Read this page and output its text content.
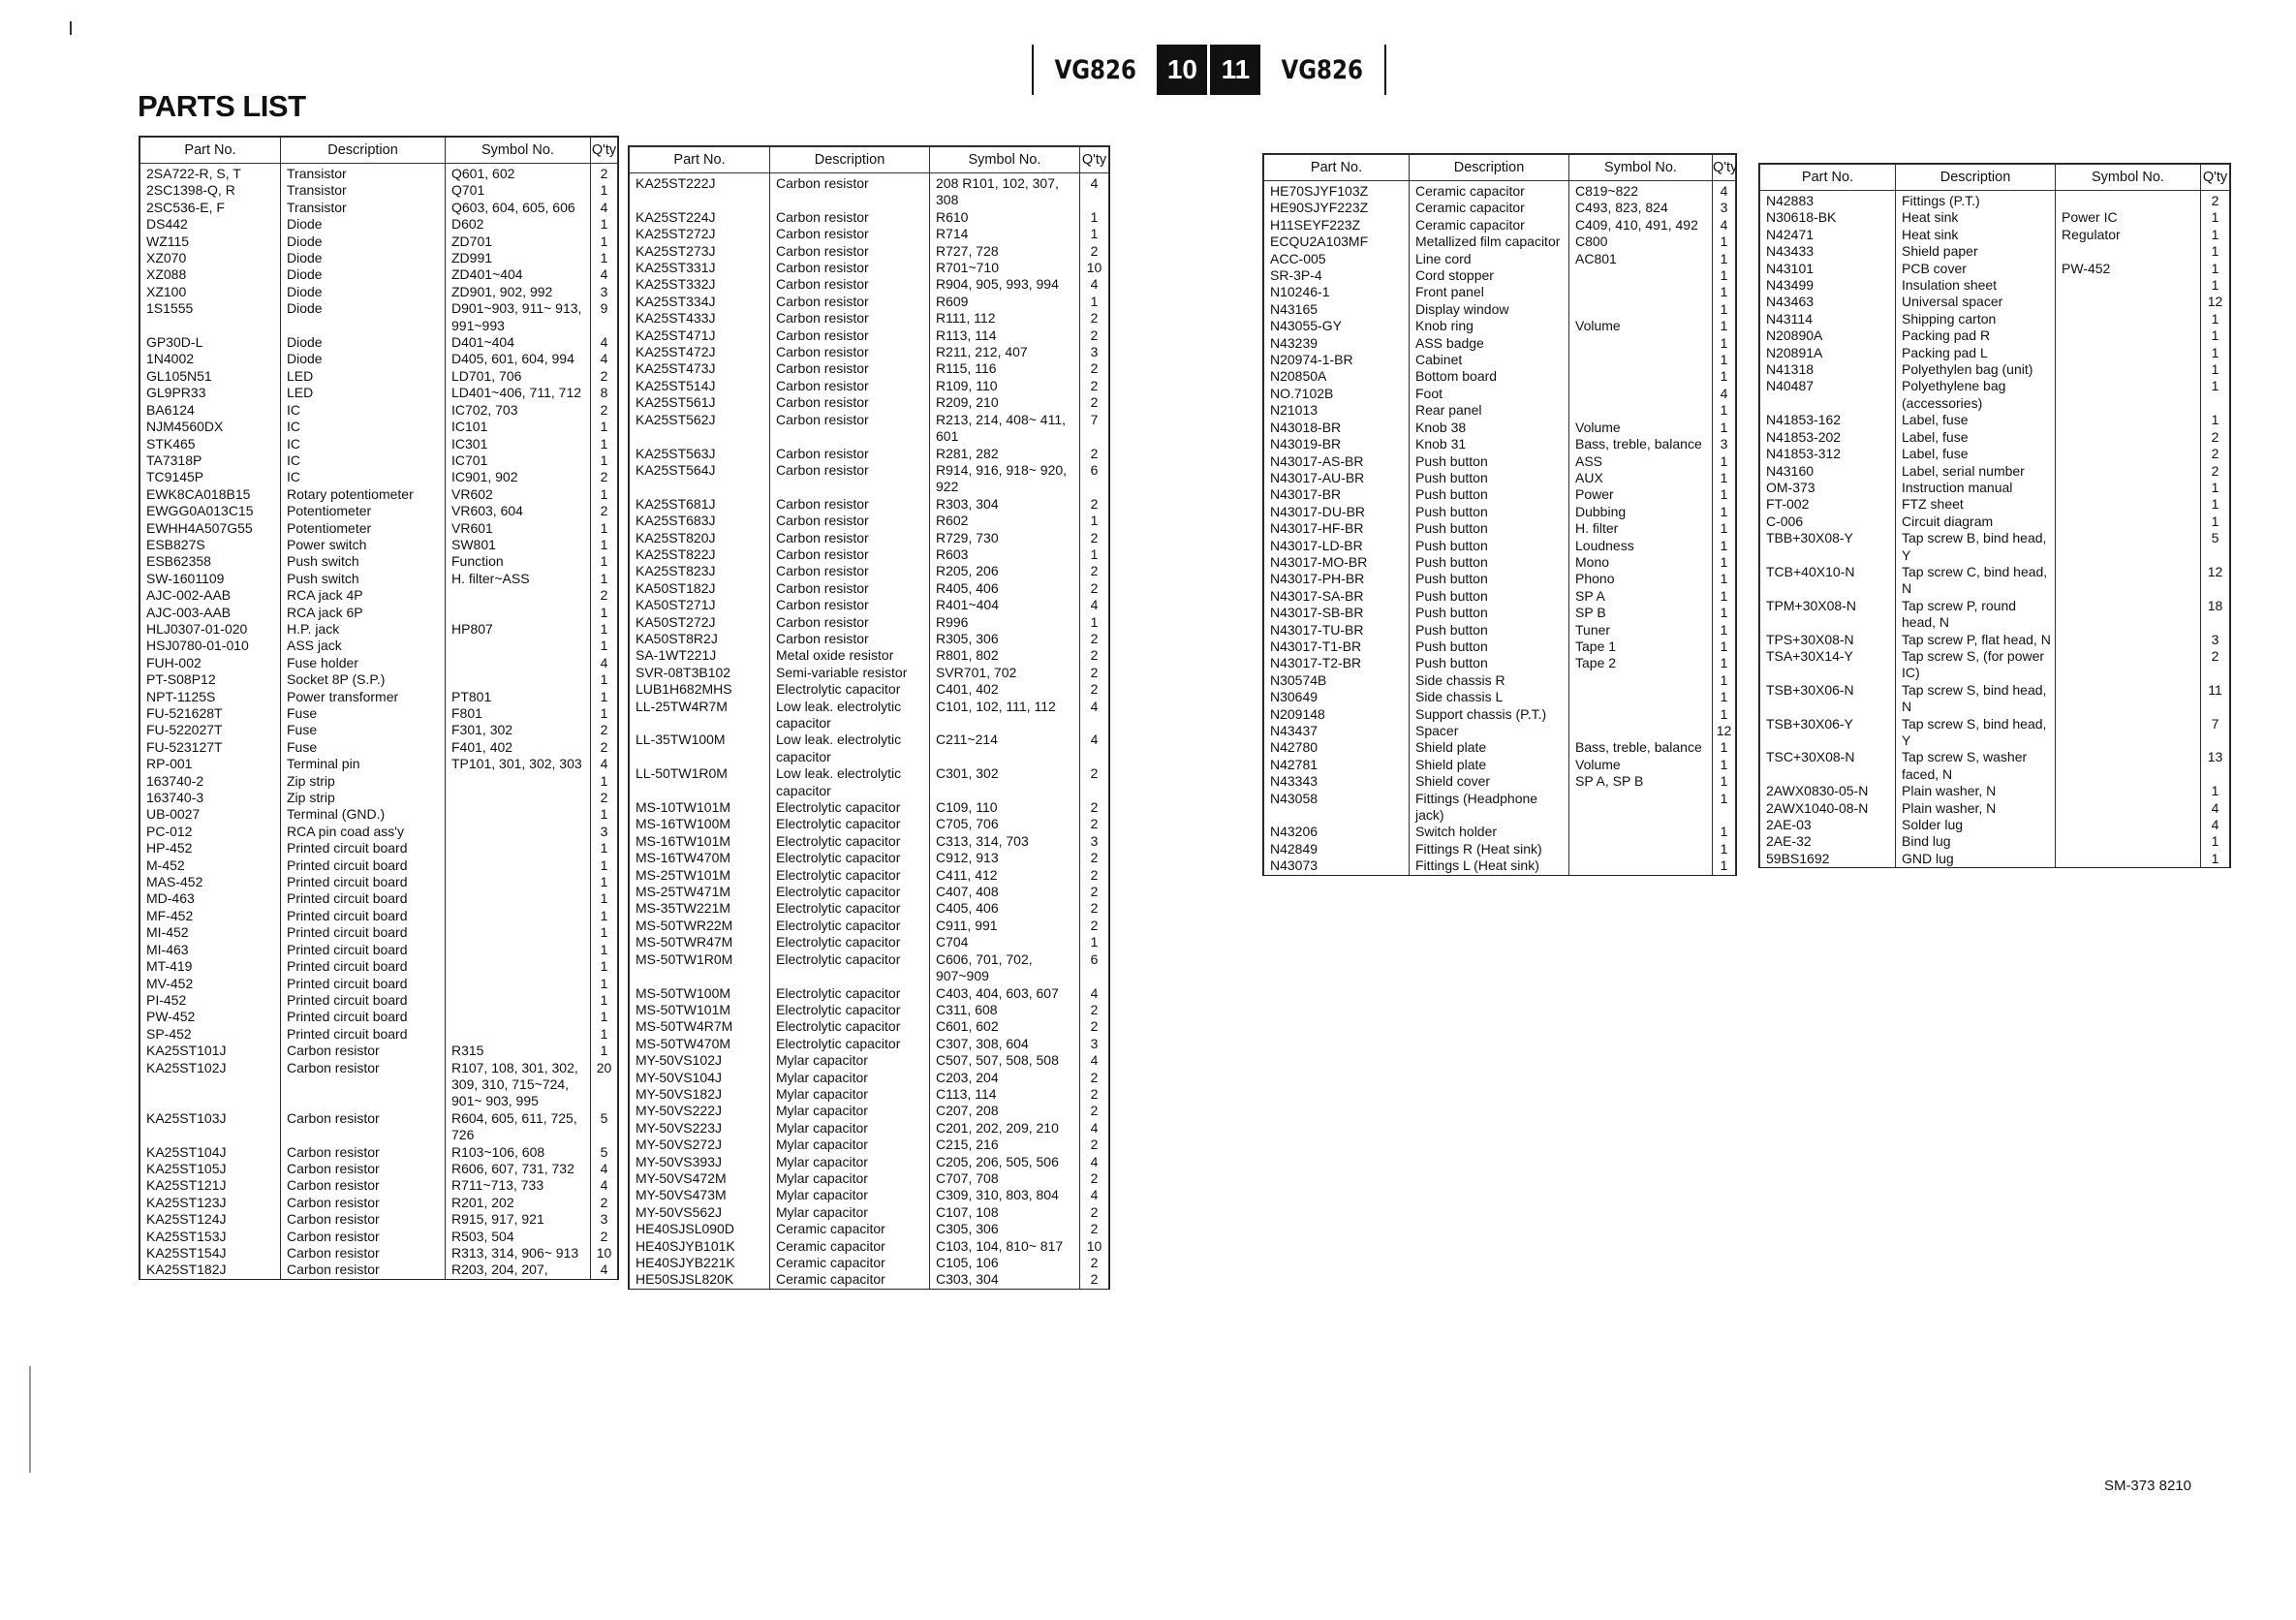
VG826	10 11	VG826
PARTS LIST
Part No.	Description	Symbol No.	Q'ty
2SA722-R, S, T	Transistor	Q601, 602	2
2SC1398-Q, R	Transistor	Q701	1
2SC536-E, F	Transistor	Q603, 604, 605, 606	4
DS442	Diode	D602	1
WZ115	Diode	ZD701	1
XZ070	Diode	ZD991	1
XZ088	Diode	ZD401~404	4
XZ100	Diode	ZD901, 902, 992	3
1S1555	Diode	D901~903, 911~ 913, 991~993	9
GP30D-L	Diode	D401~404	4
1N4002	Diode	D405, 601, 604, 994	4
GL105N51	LED	LD701, 706	2
GL9PR33	LED	LD401~406, 711, 712	8
BA6124	IC	IC702, 703	2
NJM4560DX	IC	IC101	1
STK465	IC	IC301	1
TA7318P	IC	IC701	1
TC9145P	IC	IC901, 902	2
EWK8CA018B15	Rotary potentiometer	VR602	1
EWGG0A013C15	Potentiometer	VR603, 604	2
EWHH4A507G55	Potentiometer	VR601	1
ESB827S	Power switch	SW801	1
ESB62358	Push switch	Function	1
SW-1601109	Push switch	H. filter~ASS	1
AJC-002-AAB	RCA jack 4P		2
AJC-003-AAB	RCA jack 6P		1
HLJ0307-01-020	H.P. jack	HP807	1
HSJ0780-01-010	ASS jack		1
FUH-002	Fuse holder		4
PT-S08P12	Socket 8P (S.P.)		1
NPT-1125S	Power transformer	PT801	1
FU-521628T	Fuse	F801	1
FU-522027T	Fuse	F301, 302	2
FU-523127T	Fuse	F401, 402	2
RP-001	Terminal pin	TP101, 301, 302, 303	4

163740-2	Zip strip		1
163740-3	Zip strip		2
UB-0027	Terminal (GND.)		1
PC-012	RCA pin coad ass'y		3
HP-452	Printed circuit board		1
M-452	Printed circuit board		1
MAS-452	Printed circuit board		1
MD-463	Printed circuit board		1
MF-452	Printed circuit board		1
MI-452	Printed circuit board		1
MI-463	Printed circuit board		1
MT-419	Printed circuit board		1
MV-452	Printed circuit board		1
PI-452	Printed circuit board		1
PW-452	Printed circuit board		1
SP-452	Printed circuit board		1
KA25ST101J	Carbon resistor	R315	1
KA25ST102J	Carbon resistor	R107, 108, 301, 302, 309, 310, 715~724, 901~ 903, 995	20
KA25ST103J	Carbon resistor	R604, 605, 611, 725, 726	5
KA25ST104J	Carbon resistor	R103~106, 608	5
KA25ST105J	Carbon resistor	R606, 607, 731, 732	4
KA25ST121J	Carbon resistor	R711~713, 733	4
KA25ST123J	Carbon resistor	R201, 202	2
KA25ST124J	Carbon resistor	R915, 917, 921	3
KA25ST153J	Carbon resistor	R503, 504	2
KA25ST154J	Carbon resistor	R313, 314, 906~ 913	10
KA25ST182J	Carbon resistor	R203, 204, 207,	4
Part No.	Description	Symbol No.	Q'ty
KA25ST222J	Carbon resistor	208 R101, 102, 307, 308	4
KA25ST224J	Carbon resistor	R610	1
KA25ST272J	Carbon resistor	R714	1
KA25ST273J	Carbon resistor	R727, 728	2
KA25ST331J	Carbon resistor	R701~710	10
KA25ST332J	Carbon resistor	R904, 905, 993, 994	4
KA25ST334J	Carbon resistor	R609	1
KA25ST433J	Carbon resistor	R111, 112	2
KA25ST471J	Carbon resistor	R113, 114	2
KA25ST472J	Carbon resistor	R211, 212, 407	3
KA25ST473J	Carbon resistor	R115, 116	2
KA25ST514J	Carbon resistor	R109, 110	2
KA25ST561J	Carbon resistor	R209, 210	2
KA25ST562J	Carbon resistor	R213, 214, 408~ 411, 601	7
KA25ST563J	Carbon resistor	R281, 282	2
KA25ST564J	Carbon resistor	R914, 916, 918~ 920, 922	6
KA25ST681J	Carbon resistor	R303, 304	2
KA25ST683J	Carbon resistor	R602	1
KA25ST820J	Carbon resistor	R729, 730	2
KA25ST822J	Carbon resistor	R603	1
KA25ST823J	Carbon resistor	R205, 206	2
KA50ST182J	Carbon resistor	R405, 406	2
KA50ST271J	Carbon resistor	R401~404	4
KA50ST272J	Carbon resistor	R996	1
KA50ST8R2J	Carbon resistor	R305, 306	2
SA-1WT221J	Metal oxide resistor	R801, 802	2
SVR-08T3B102	Semi-variable resistor	SVR701, 702	2
LUB1H682MHS	Electrolytic capacitor	C401, 402	2
LL-25TW4R7M	Low leak. electrolytic capacitor	C101, 102, 111, 112	4
LL-35TW100M	Low leak. electrolytic capacitor	C211~214	4
LL-50TW1R0M	Low leak. electrolytic capacitor	C301, 302	2
MS-10TW101M	Electrolytic capacitor	C109, 110	2
MS-16TW100M	Electrolytic capacitor	C705, 706	2
MS-16TW101M	Electrolytic capacitor	C313, 314, 703	3
MS-16TW470M	Electrolytic capacitor	C912, 913	2
MS-25TW101M	Electrolytic capacitor	C411, 412	2
MS-25TW471M	Electrolytic capacitor	C407, 408	2
MS-35TW221M	Electrolytic capacitor	C405, 406	2
MS-50TWR22M	Electrolytic capacitor	C911, 991	2
MS-50TWR47M	Electrolytic capacitor	C704	1
MS-50TW1R0M	Electrolytic capacitor	C606, 701, 702, 907~909	6
MS-50TW100M	Electrolytic capacitor	C403, 404, 603, 607	4
MS-50TW101M	Electrolytic capacitor	C311, 608	2
MS-50TW4R7M	Electrolytic capacitor	C601, 602	2
MS-50TW470M	Electrolytic capacitor	C307, 308, 604	3
MY-50VS102J	Mylar capacitor	C507, 507, 508, 508	4
MY-50VS104J	Mylar capacitor	C203, 204	2
MY-50VS182J	Mylar capacitor	C113, 114	2
MY-50VS222J	Mylar capacitor	C207, 208	2
MY-50VS223J	Mylar capacitor	C201, 202, 209, 210	4
MY-50VS272J	Mylar capacitor	C215, 216	2
MY-50VS393J	Mylar capacitor	C205, 206, 505, 506	4
MY-50VS472M	Mylar capacitor	C707, 708	2
MY-50VS473M	Mylar capacitor	C309, 310, 803, 804	4
MY-50VS562J	Mylar capacitor	C107, 108	2
HE40SJSL090D	Ceramic capacitor	C305, 306	2
HE40SJYB101K	Ceramic capacitor	C103, 104, 810~ 817	10
HE40SJYB221K	Ceramic capacitor	C105, 106	2
HE50SJSL820K	Ceramic capacitor	C303, 304	2
Part No.	Description	Symbol No.	Q'ty
HE70SJYF103Z	Ceramic capacitor	C819~822	4
HE90SJYF223Z	Ceramic capacitor	C493, 823, 824	3
H11SEYF223Z	Ceramic capacitor	C409, 410, 491, 492	4
ECQU2A103MF	Metallized film capacitor	C800	1
ACC-005	Line cord	AC801	1
SR-3P-4	Cord stopper		1
N10246-1	Front panel		1
N43165	Display window		1
N43055-GY	Knob ring	Volume	1
N43239	ASS badge		1
N20974-1-BR	Cabinet		1
N20850A	Bottom board		1
NO.7102B	Foot		4
N21013	Rear panel		1
N43018-BR	Knob 38	Volume	1
N43019-BR	Knob 31	Bass, treble, balance	3
N43017-AS-BR	Push button	ASS	1
N43017-AU-BR	Push button	AUX	1
N43017-BR	Push button	Power	1
N43017-DU-BR	Push button	Dubbing	1
N43017-HF-BR	Push button	H. filter	1
N43017-LD-BR	Push button	Loudness	1
N43017-MO-BR	Push button	Mono	1
N43017-PH-BR	Push button	Phono	1
N43017-SA-BR	Push button	SP A	1
N43017-SB-BR	Push button	SP B	1
N43017-TU-BR	Push button	Tuner	1
N43017-T1-BR	Push button	Tape 1	1
N43017-T2-BR	Push button	Tape 2	1
N30574B	Side chassis R		1
N30649	Side chassis L		1
N209148	Support chassis (P.T.)		1
N43437	Spacer		12
N42780	Shield plate	Bass, treble, balance	1
N42781	Shield plate	Volume	1
N43343	Shield cover	SP A, SP B	1
N43058	Fittings (Headphone jack)		1
N43206	Switch holder		1
N42849	Fittings R (Heat sink)		1
N43073	Fittings L (Heat sink)		1
Part No.	Description	Symbol No.	Q'ty
N42883	Fittings (P.T.)		2
N30618-BK	Heat sink	Power IC	1
N42471	Heat sink	Regulator	1
N43433	Shield paper		1
N43101	PCB cover	PW-452	1
N43499	Insulation sheet		1
N43463	Universal spacer		12
N43114	Shipping carton		1
N20890A	Packing pad R		1
N20891A	Packing pad L		1
N41318	Polyethylen bag (unit)		1
N40487	Polyethylene bag (accessories)		1
N41853-162	Label, fuse		1
N41853-202	Label, fuse		2
N41853-312	Label, fuse		2
N43160	Label, serial number		2
OM-373	Instruction manual		1
FT-002	FTZ sheet		1
C-006	Circuit diagram		1
TBB+30X08-Y	Tap screw B, bind head, Y		5
TCB+40X10-N	Tap screw C, bind head, N		12
TPM+30X08-N	Tap screw P, round head, N		18
TPS+30X08-N	Tap screw P, flat head, N		3
TSA+30X14-Y	Tap screw S, (for power IC)		2
TSB+30X06-N	Tap screw S, bind head, N		11
TSB+30X06-Y	Tap screw S, bind head, Y		7
TSC+30X08-N	Tap screw S, washer faced, N		13
2AWX0830-05-N	Plain washer, N		1
2AWX1040-08-N	Plain washer, N		4
2AE-03	Solder lug		4
2AE-32	Bind lug		1
59BS1692	GND lug		1
SM-373 8210
